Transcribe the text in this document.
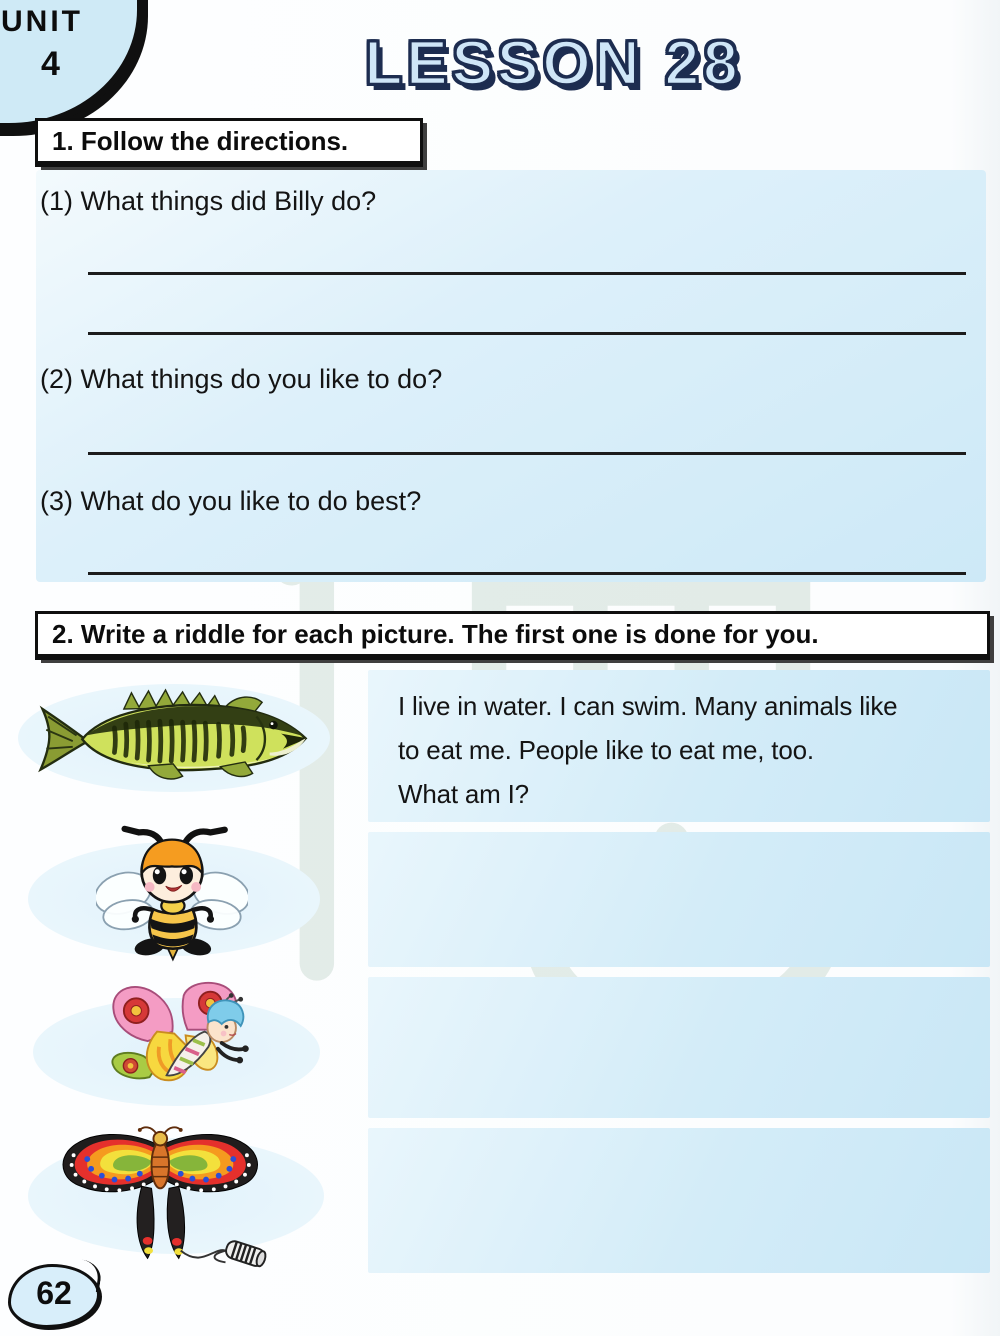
UNIT
4	LESSON 28
1. Follow the directions.
(1) What things did Billy do?
(2) What things do you like to do?
(3) What do you like to do best?
2. Write a riddle for each picture. The first one is done for you.
I live in water. I can swim. Many animals like
to eat me. People like to eat me, too.
What am I?
62
